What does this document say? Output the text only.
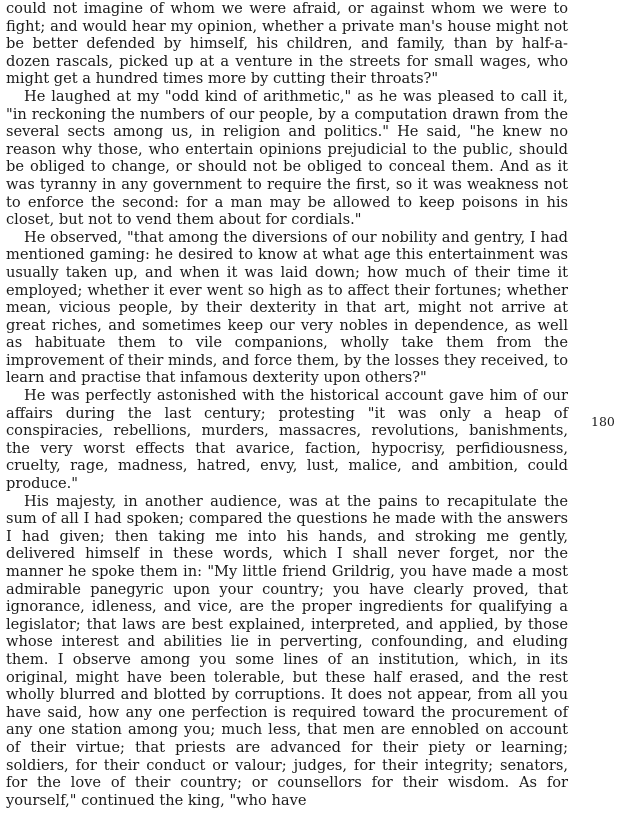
could not imagine of whom we were afraid, or against whom we were to fight; and would hear my opinion, whether a private man's house might not be better defended by himself, his children, and family, than by half-a-dozen rascals, picked up at a venture in the streets for small wages, who might get a hundred times more by cutting their throats?"

He laughed at my "odd kind of arithmetic," as he was pleased to call it, "in reckoning the numbers of our people, by a computation drawn from the several sects among us, in religion and politics." He said, "he knew no reason why those, who entertain opinions prejudicial to the public, should be obliged to change, or should not be obliged to conceal them. And as it was tyranny in any government to require the first, so it was weakness not to enforce the second: for a man may be allowed to keep poisons in his closet, but not to vend them about for cordials."

He observed, "that among the diversions of our nobility and gentry, I had mentioned gaming: he desired to know at what age this entertainment was usually taken up, and when it was laid down; how much of their time it employed; whether it ever went so high as to affect their fortunes; whether mean, vicious people, by their dexterity in that art, might not arrive at great riches, and sometimes keep our very nobles in dependence, as well as habituate them to vile companions, wholly take them from the improvement of their minds, and force them, by the losses they received, to learn and practise that infamous dexterity upon others?"

He was perfectly astonished with the historical account gave him of our affairs during the last century; protesting "it was only a heap of conspiracies, rebellions, murders, massacres, revolutions, banishments, the very worst effects that avarice, faction, hypocrisy, perfidiousness, cruelty, rage, madness, hatred, envy, lust, malice, and ambition, could produce."

His majesty, in another audience, was at the pains to recapitulate the sum of all I had spoken; compared the questions he made with the answers I had given; then taking me into his hands, and stroking me gently, delivered himself in these words, which I shall never forget, nor the manner he spoke them in: "My little friend Grildrig, you have made a most admirable panegyric upon your country; you have clearly proved, that ignorance, idleness, and vice, are the proper ingredients for qualifying a legislator; that laws are best explained, interpreted, and applied, by those whose interest and abilities lie in perverting, confounding, and eluding them. I observe among you some lines of an institution, which, in its original, might have been tolerable, but these half erased, and the rest wholly blurred and blotted by corruptions. It does not appear, from all you have said, how any one perfection is required toward the procurement of any one station among you; much less, that men are ennobled on account of their virtue; that priests are advanced for their piety or learning; soldiers, for their conduct or valour; judges, for their integrity; senators, for the love of their country; or counsellors for their wisdom. As for yourself," continued the king, "who have

180
